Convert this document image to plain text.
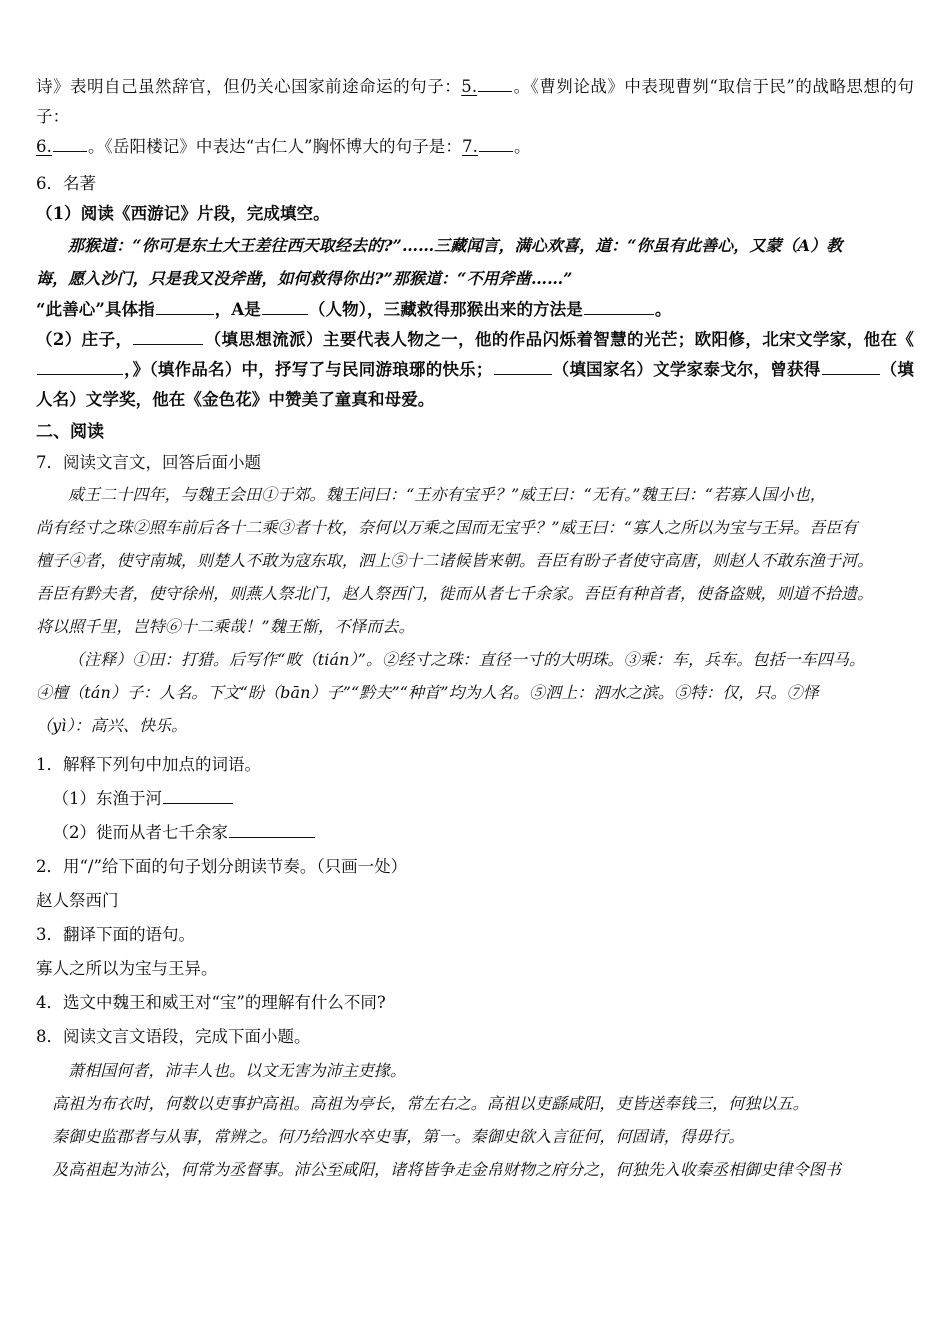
诗》表明自己虽然辞官，但仍关心国家前途命运的句子：5. 。《曹刿论战》中表现曹刿“取信于民”的战略思想的句子：

6. 。《岳阳楼记》中表达“古仁人”胸怀博大的句子是：7. 。

6．名著

（1）阅读《西游记》片段，完成填空。

那猴道：“你可是东土大王差往西天取经去的?”……三藏闻言，满心欢喜，道：“你虽有此善心，又蒙（A）教

诲，愿入沙门，只是我又没斧凿，如何救得你出?”那猴道：“不用斧凿……”

“此善心”具体指	，A是	（人物），三藏救得那猴出来的方法是	。

（2）庄子，	（填思想流派）主要代表人物之一，他的作品闪烁着智慧的光芒；欧阳修，北宋文学家，他在《，》（填作品名）中，抒写了与民同游琅琊的快乐；	（填国家名）文学家泰戈尔，曾获得	（填人名）文学奖，他在《金色花》中赞美了童真和母爱。

二、阅读

7．阅读文言文，回答后面小题

威王二十四年，与魏王会田①于郊。魏王问曰：“王亦有宝乎？”威王曰：“无有。”魏王曰：“若寡人国小也，

尚有经寸之珠②照车前后各十二乘③者十枚，奈何以万乘之国而无宝乎？”威王曰：“寡人之所以为宝与王异。吾臣有

檀子④者，使守南城，则楚人不敢为寇东取，泗上⑤十二诸候皆来朝。吾臣有盼子者使守高唐，则赵人不敢东渔于河。

吾臣有黔夫者，使守徐州，则燕人祭北门，赵人祭西门，徙而从者七千余家。吾臣有种首者，使备盗贼，则道不拾遗。

将以照千里，岂特⑥十二乘哉！”魏王惭，不怿而去。

（注释）①田：打猎。后写作“畋（tián）”。②经寸之珠：直径一寸的大明珠。③乘：车，兵车。包括一车四马。

④檀（tán）子：人名。下文“盼（bān）子”“黔夫”“种首”均为人名。⑤泗上：泗水之滨。⑤特：仅，只。⑦怿

（yì）：高兴、快乐。

1．解释下列句中加点的词语。

（1）东渔于河

（2）徙而从者七千余家

2．用“/”给下面的句子划分朗读节奏。（只画一处）

赵人祭西门

3．翻译下面的语句。

寡人之所以为宝与王异。

4．选文中魏王和威王对“宝”的理解有什么不同?

8．阅读文言文语段，完成下面小题。

萧相国何者，沛丰人也。以文无害为沛主吏掾。

高祖为布衣时，何数以吏事护高祖。高祖为亭长，常左右之。高祖以吏繇咸阳，吏皆送奉钱三，何独以五。

秦御史监郡者与从事，常辨之。何乃给泗水卒史事，第一。秦御史欲入言征何，何固请，得毋行。

及高祖起为沛公，何常为丞督事。沛公至咸阳，诸将皆争走金帛财物之府分之，何独先入收秦丞相御史律令图书
